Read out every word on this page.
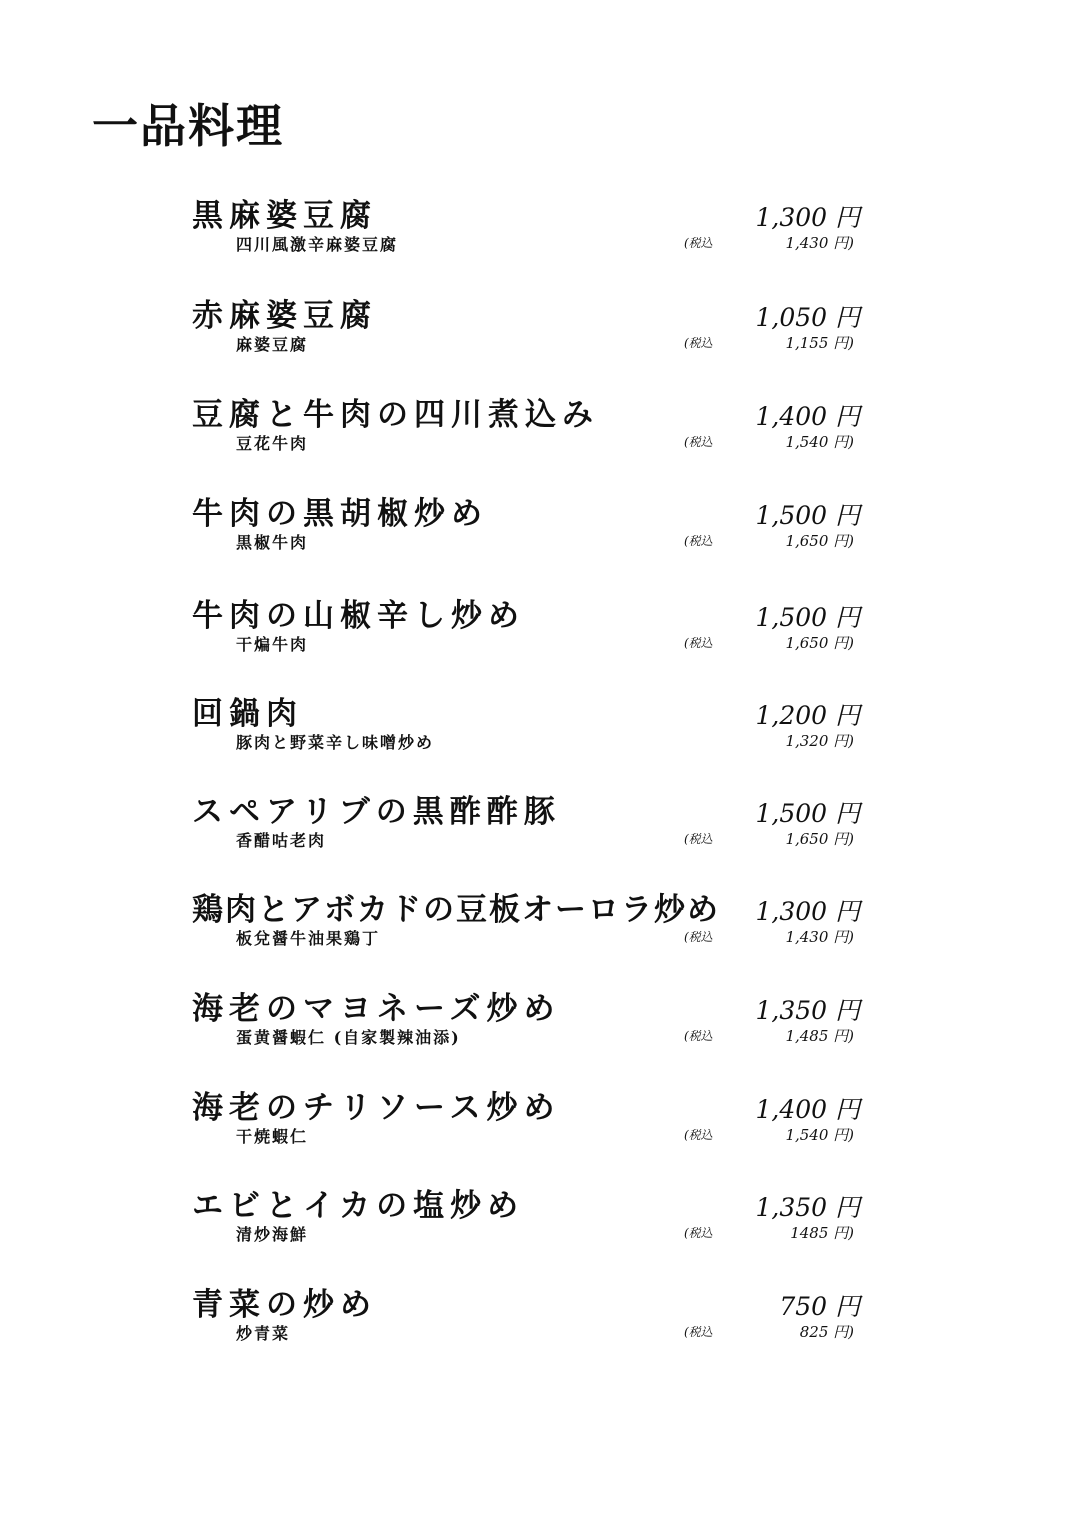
一品料理
黒麻婆豆腐
四川風激辛麻婆豆腐
1,300 円
(税込	1,430 円)
赤麻婆豆腐
麻婆豆腐
1,050 円
(税込	1,155 円)
豆腐と牛肉の四川煮込み
豆花牛肉
1,400 円
(税込	1,540 円)
牛肉の黒胡椒炒め
黒椒牛肉
1,500 円
(税込	1,650 円)
牛肉の山椒辛し炒め
干煸牛肉
1,500 円
(税込	1,650 円)
回鍋肉
豚肉と野菜辛し味噌炒め
1,200 円
1,320 円)
スペアリブの黒酢酢豚
香醋咕老肉
1,500 円
(税込	1,650 円)
鶏肉とアボカドの豆板オーロラ炒め
板兌醤牛油果鶏丁
1,300 円
(税込	1,430 円)
海老のマヨネーズ炒め
蛋黄醤蝦仁 (自家製辣油添)
1,350 円
(税込	1,485 円)
海老のチリソース炒め
干焼蝦仁
1,400 円
(税込	1,540 円)
エビとイカの塩炒め
清炒海鮮
1,350 円
(税込	1485 円)
青菜の炒め
炒青菜
750 円
(税込	825 円)
